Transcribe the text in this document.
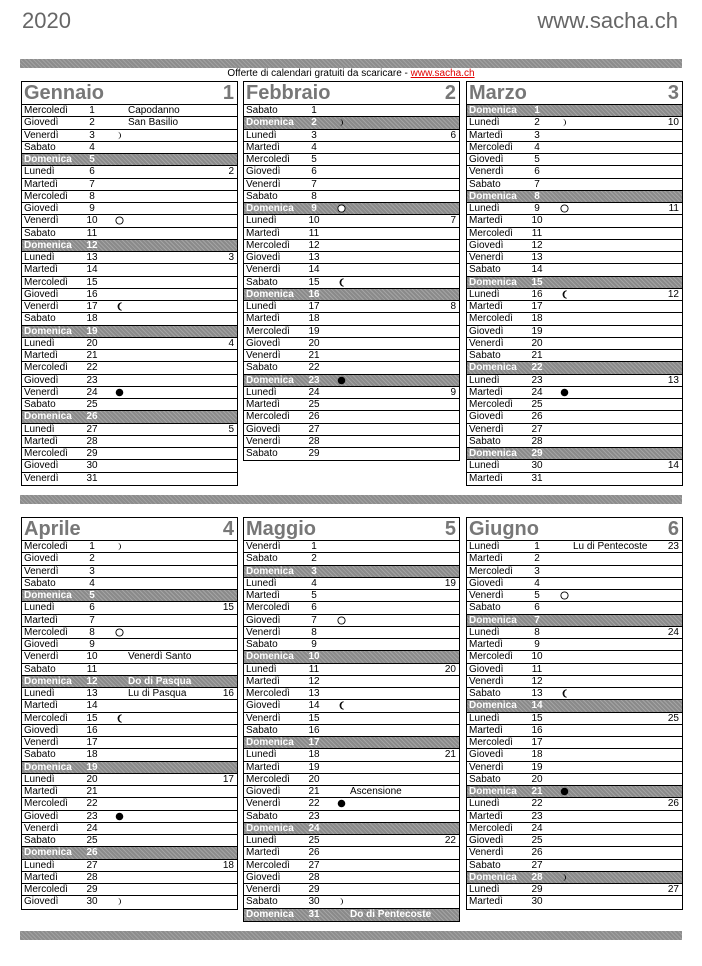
2020	www.sacha.ch
Offerte di calendari gratuiti da scaricare - www.sacha.ch
Gennaio	1
Mercoledì	1	Capodanno
Giovedì	2	San Basilio
Venerdì	3
Sabato	4
Domenica	5
Lunedì	6	2
Martedì	7
Mercoledì	8
Giovedì	9
Venerdì	10
Sabato	11
Domenica 12
Lunedì	13	3
Martedì	14
Mercoledì 15
Giovedì	16
Venerdì	17
Sabato	18
Domenica 19
Lunedì	20	4
Martedì	21
Mercoledì 22
Giovedì	23
Venerdì	24
Sabato	25
Domenica 26
Lunedì	27	5
Martedì	28
Mercoledì 29
Giovedì	30
Venerdì	31
Febbraio	2
Sabato	1
Domenica	2
Lunedì	3	6
Martedì	4
Mercoledì	5
Giovedì	6
Venerdì	7
Sabato	8
Domenica	9
Lunedì	10	7
Martedì	11
Mercoledì 12
Giovedì	13
Venerdì	14
Sabato	15
Domenica 16
Lunedì	17	8
Martedì	18
Mercoledì 19
Giovedì	20
Venerdì	21
Sabato	22
Domenica 23
Lunedì	24	9
Martedì	25
Mercoledì 26
Giovedì	27
Venerdì	28
Sabato	29
Marzo	3
Domenica	1
Lunedì	2	10
Martedì	3
Mercoledì	4
Giovedì	5
Venerdì	6
Sabato	7
Domenica	8
Lunedì	9	11
Martedì	10
Mercoledì 11
Giovedì	12
Venerdì	13
Sabato	14
Domenica 15
Lunedì	16	12
Martedì	17
Mercoledì 18
Giovedì	19
Venerdì	20
Sabato	21
Domenica 22
Lunedì	23	13
Martedì	24
Mercoledì 25
Giovedì	26
Venerdì	27
Sabato	28
Domenica 29
Lunedì	30	14
Martedì	31
Aprile	4
Mercoledì	1
Giovedì	2
Venerdì	3
Sabato	4
Domenica	5
Lunedì	6	15
Martedì	7
Mercoledì	8
Giovedì	9
Venerdì	10	Venerdì Santo
Sabato	11
Domenica 12	Do di Pasqua
Lunedì	13	Lu di Pasqua	16
Martedì	14
Mercoledì 15
Giovedì	16
Venerdì	17
Sabato	18
Domenica 19
Lunedì	20	17
Martedì	21
Mercoledì 22
Giovedì	23
Venerdì	24
Sabato	25
Domenica 26
Lunedì	27	18
Martedì	28
Mercoledì 29
Giovedì	30
Maggio	5
Venerdì	1
Sabato	2
Domenica	3
Lunedì	4	19
Martedì	5
Mercoledì	6
Giovedì	7
Venerdì	8
Sabato	9
Domenica 10
Lunedì	11	20
Martedì	12
Mercoledì 13
Giovedì	14
Venerdì	15
Sabato	16
Domenica 17
Lunedì	18	21
Martedì	19
Mercoledì 20
Giovedì	21	Ascensione
Venerdì	22
Sabato	23
Domenica 24
Lunedì	25	22
Martedì	26
Mercoledì 27
Giovedì	28
Venerdì	29
Sabato	30
Domenica 31	Do di Pentecoste
Giugno	6
Lunedì	1	Lu di Pentecoste 23
Martedì	2
Mercoledì	3
Giovedì	4
Venerdì	5
Sabato	6
Domenica	7
Lunedì	8	24
Martedì	9
Mercoledì 10
Giovedì	11
Venerdì	12
Sabato	13
Domenica 14
Lunedì	15	25
Martedì	16
Mercoledì 17
Giovedì	18
Venerdì	19
Sabato	20
Domenica 21
Lunedì	22	26
Martedì	23
Mercoledì 24
Giovedì	25
Venerdì	26
Sabato	27
Domenica 28
Lunedì	29	27
Martedì	30
